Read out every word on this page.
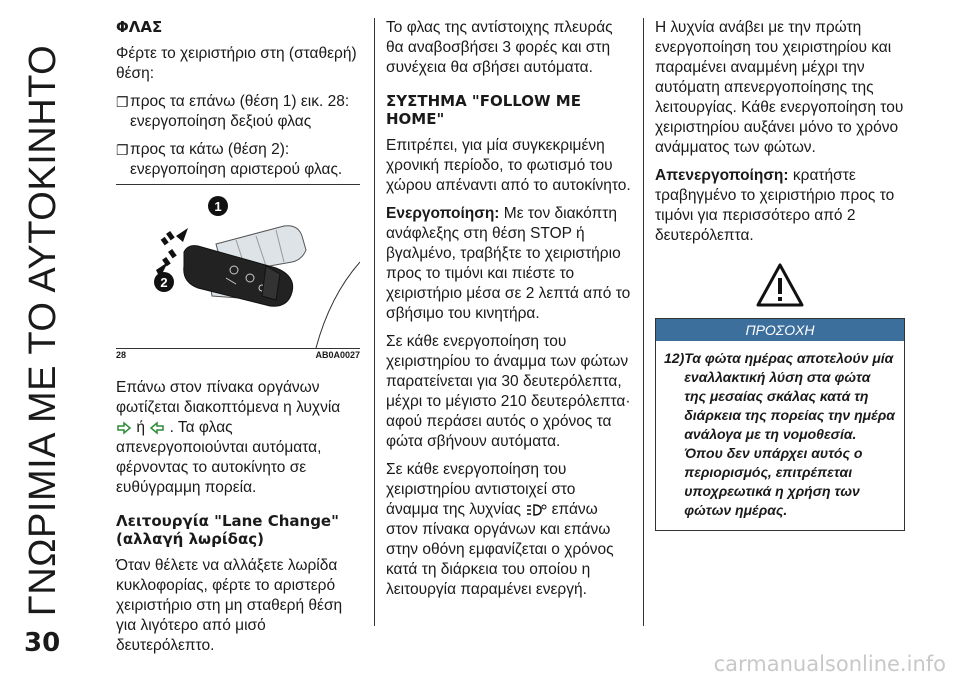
ΓΝΩΡΙΜΙΑ ΜΕ ΤΟ ΑΥΤΟΚΙΝΗΤΟ
30
ΦΛΑΣ

Φέρτε το χειριστήριο στη (σταθερή) θέση:

❐ προς τα επάνω (θέση 1) εικ. 28: ενεργοποίηση δεξιού φλας
❐ προς τα κάτω (θέση 2): ενεργοποίηση αριστερού φλας.
1
2
28	AB0A0027

Επάνω στον πίνακα οργάνων φωτίζεται διακοπτόμενα η λυχνία  ή . Τα φλας απενεργοποιούνται αυτόματα, φέρνοντας το αυτοκίνητο σε ευθύγραμμη πορεία.

Λειτουργία "Lane Change" (αλλαγή λωρίδας)

Όταν θέλετε να αλλάξετε λωρίδα κυκλοφορίας, φέρτε το αριστερό χειριστήριο στη μη σταθερή θέση για λιγότερο από μισό δευτερόλεπτο.

Το φλας της αντίστοιχης πλευράς θα αναβοσβήσει 3 φορές και στη συνέχεια θα σβήσει αυτόματα.

ΣΥΣΤΗΜΑ "FOLLOW ME HOME"

Επιτρέπει, για μία συγκεκριμένη χρονική περίοδο, το φωτισμό του χώρου απέναντι από το αυτοκίνητο.

Ενεργοποίηση: Με τον διακόπτη ανάφλεξης στη θέση STOP ή βγαλμένο, τραβήξτε το χειριστήριο προς το τιμόνι και πιέστε το χειριστήριο μέσα σε 2 λεπτά από το σβήσιμο του κινητήρα.

Σε κάθε ενεργοποίηση του χειριστηρίου το άναμμα των φώτων παρατείνεται για 30 δευτερόλεπτα, μέχρι το μέγιστο 210 δευτερόλεπτα· αφού περάσει αυτός ο χρόνος τα φώτα σβήνουν αυτόματα.

Σε κάθε ενεργοποίηση του χειριστηρίου αντιστοιχεί στο άναμμα της λυχνίας επάνω στον πίνακα οργάνων και επάνω στην οθόνη εμφανίζεται ο χρόνος κατά τη διάρκεια του οποίου η λειτουργία παραμένει ενεργή.

Η λυχνία ανάβει με την πρώτη ενεργοποίηση του χειριστηρίου και παραμένει αναμμένη μέχρι την αυτόματη απενεργοποίησης της λειτουργίας. Κάθε ενεργοποίηση του χειριστηρίου αυξάνει μόνο το χρόνο ανάμματος των φώτων.

Απενεργοποίηση: κρατήστε τραβηγμένο το χειριστήριο προς το τιμόνι για περισσότερο από 2 δευτερόλεπτα.

ΠΡΟΣΟΧΗ
12) Τα φώτα ημέρας αποτελούν μία εναλλακτική λύση στα φώτα της μεσαίας σκάλας κατά τη διάρκεια της πορείας την ημέρα ανάλογα με τη νομοθεσία. Όπου δεν υπάρχει αυτός ο περιορισμός, επιτρέπεται υποχρεωτικά η χρήση των φώτων ημέρας.
carmanualsonline.info
